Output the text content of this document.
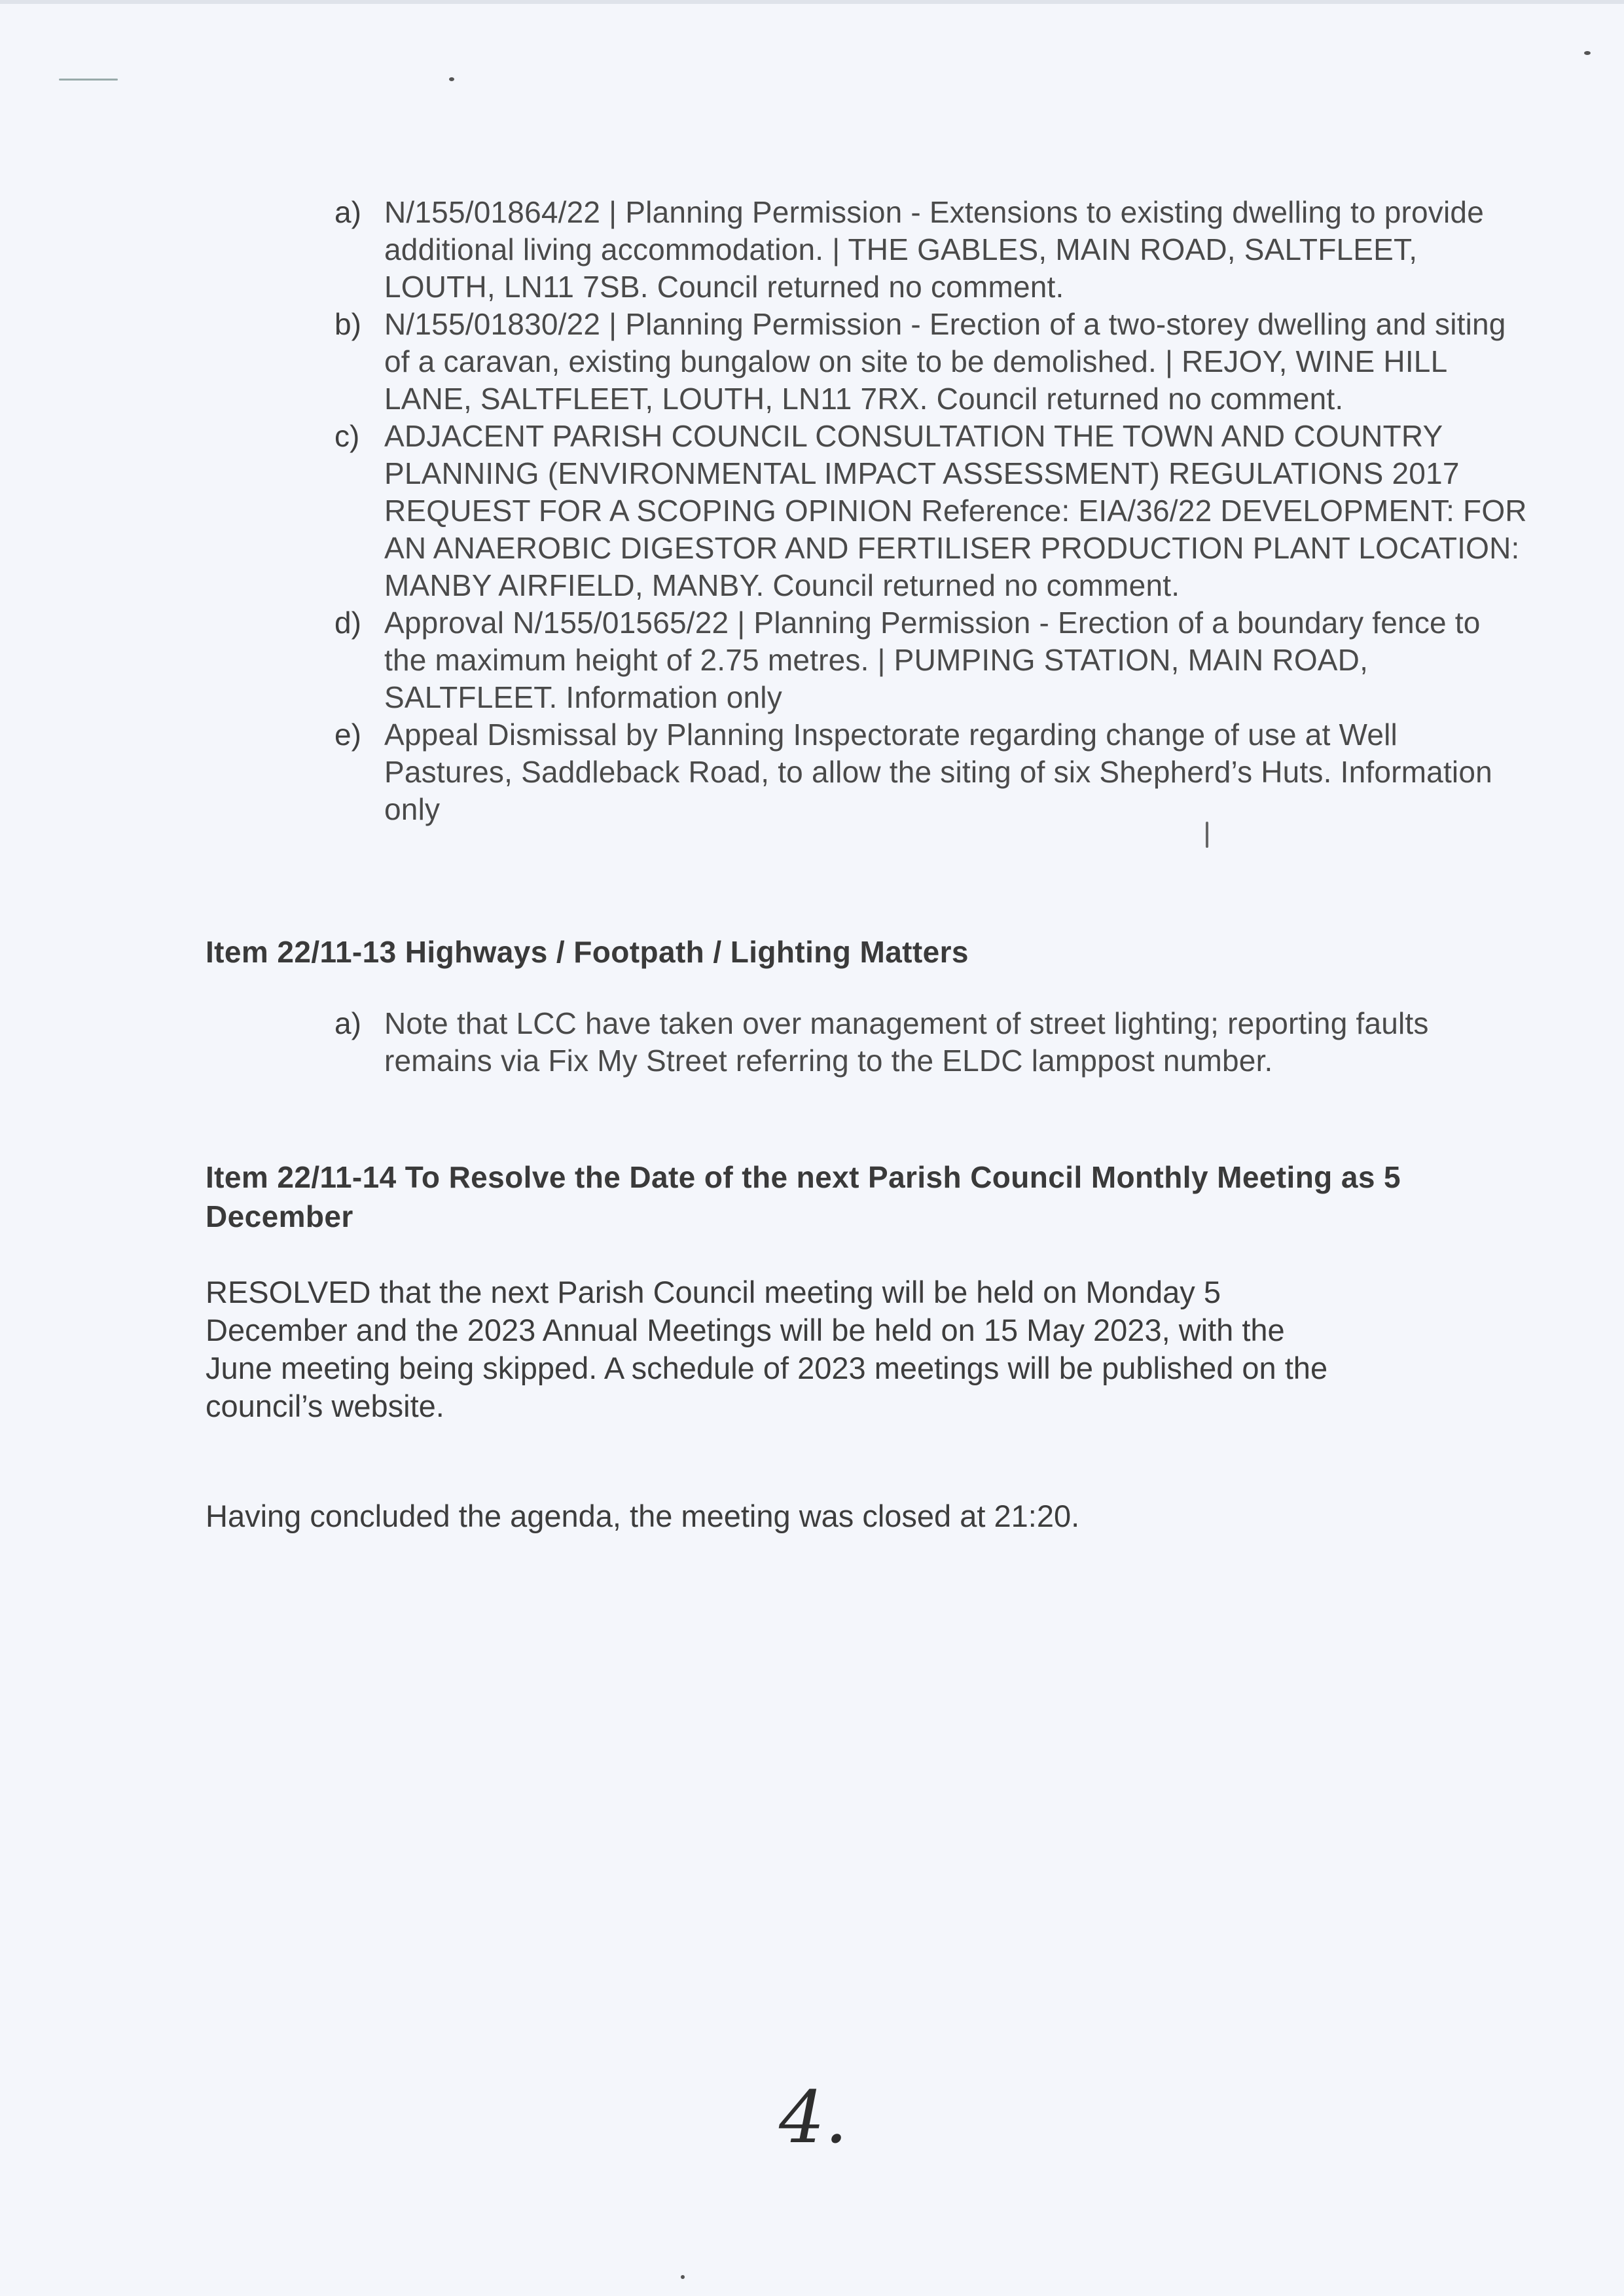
a) N/155/01864/22 | Planning Permission - Extensions to existing dwelling to provide additional living accommodation. | THE GABLES, MAIN ROAD, SALTFLEET, LOUTH, LN11 7SB. Council returned no comment.
b) N/155/01830/22 | Planning Permission - Erection of a two-storey dwelling and siting of a caravan, existing bungalow on site to be demolished. | REJOY, WINE HILL LANE, SALTFLEET, LOUTH, LN11 7RX. Council returned no comment.
c) ADJACENT PARISH COUNCIL CONSULTATION THE TOWN AND COUNTRY PLANNING (ENVIRONMENTAL IMPACT ASSESSMENT) REGULATIONS 2017 REQUEST FOR A SCOPING OPINION Reference: EIA/36/22 DEVELOPMENT: FOR AN ANAEROBIC DIGESTOR AND FERTILISER PRODUCTION PLANT LOCATION: MANBY AIRFIELD, MANBY. Council returned no comment.
d) Approval N/155/01565/22 | Planning Permission - Erection of a boundary fence to the maximum height of 2.75 metres. | PUMPING STATION, MAIN ROAD, SALTFLEET. Information only
e) Appeal Dismissal by Planning Inspectorate regarding change of use at Well Pastures, Saddleback Road, to allow the siting of six Shepherd’s Huts. Information only
Item 22/11-13 Highways / Footpath / Lighting Matters
a) Note that LCC have taken over management of street lighting; reporting faults remains via Fix My Street referring to the ELDC lamppost number.
Item 22/11-14 To Resolve the Date of the next Parish Council Monthly Meeting as 5 December
RESOLVED that the next Parish Council meeting will be held on Monday 5 December and the 2023 Annual Meetings will be held on 15 May 2023, with the June meeting being skipped. A schedule of 2023 meetings will be published on the council’s website.
Having concluded the agenda, the meeting was closed at 21:20.
4.
